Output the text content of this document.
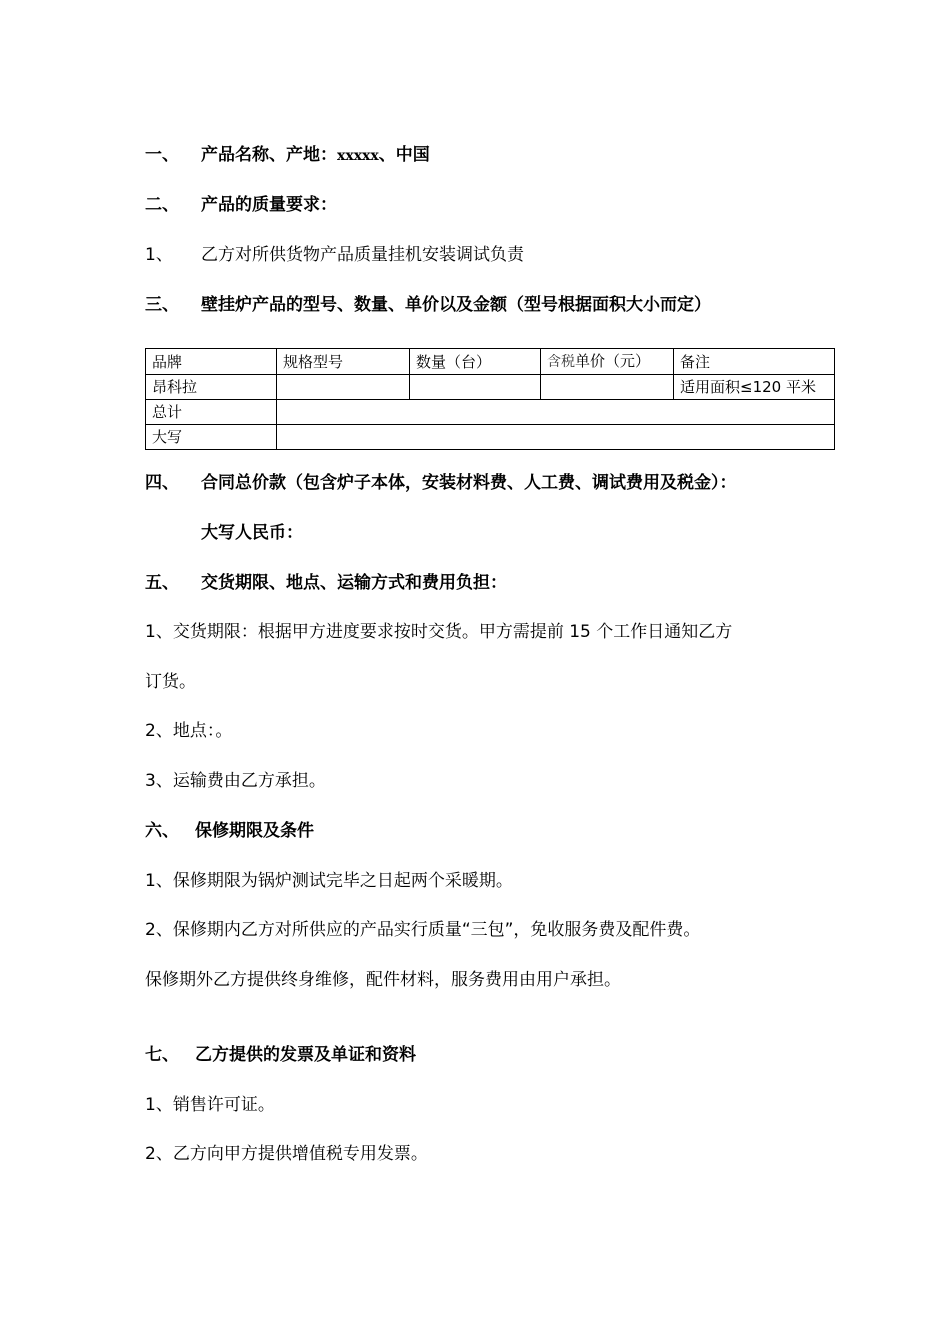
一、 产品名称、产地：xxxxx、中国
二、 产品的质量要求：
1、 乙方对所供货物产品质量挂机安装调试负责
三、 壁挂炉产品的型号、数量、单价以及金额（型号根据面积大小而定）
品牌	规格型号	数量（台）	含税单价（元）	备注
昂科拉				适用面积≤120 平米
总计				
大写				
四、 合同总价款（包含炉子本体，安装材料费、人工费、调试费用及税金）：
大写人民币：
五、 交货期限、地点、运输方式和费用负担：
1、交货期限：根据甲方进度要求按时交货。甲方需提前 15 个工作日通知乙方
订货。
2、地点：。
3、运输费由乙方承担。
六、 保修期限及条件
1、保修期限为锅炉测试完毕之日起两个采暖期。
2、保修期内乙方对所供应的产品实行质量“三包”，免收服务费及配件费。
保修期外乙方提供终身维修，配件材料，服务费用由用户承担。
七、 乙方提供的发票及单证和资料
1、销售许可证。
2、乙方向甲方提供增值税专用发票。
